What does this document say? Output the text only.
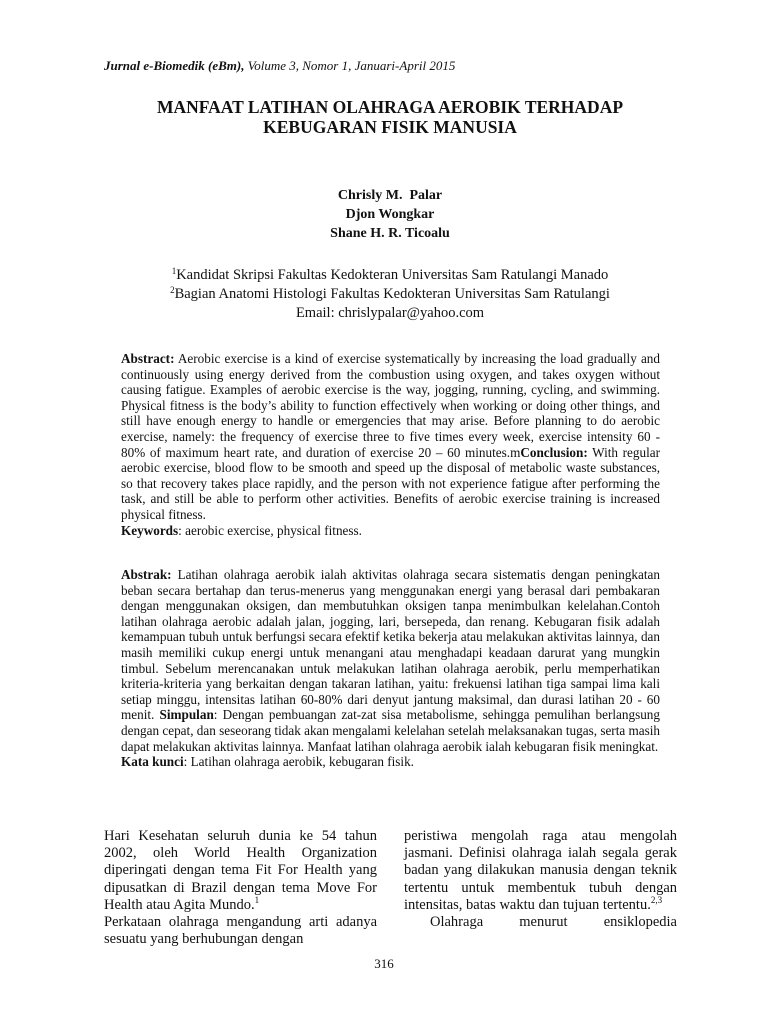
Jurnal e-Biomedik (eBm), Volume 3, Nomor 1, Januari-April 2015
MANFAAT LATIHAN OLAHRAGA AEROBIK TERHADAP
KEBUGARAN FISIK MANUSIA
Chrisly M.  Palar
Djon Wongkar
Shane H. R. Ticoalu
$^1$Kandidat Skripsi Fakultas Kedokteran Universitas Sam Ratulangi Manado
$^2$Bagian Anatomi Histologi Fakultas Kedokteran Universitas Sam Ratulangi
Email: chrislypalar@yahoo.com
Abstract: Aerobic exercise is a kind of exercise systematically by increasing the load gradually and continuously using energy derived from the combustion using oxygen, and takes oxygen without causing fatigue. Examples of aerobic exercise is the way, jogging, running, cycling, and swimming. Physical fitness is the body’s ability to function effectively when working or doing other things, and still have enough energy to handle or emergencies that may arise. Before planning to do aerobic exercise, namely: the frequency of exercise three to five times every week, exercise intensity 60 - 80% of maximum heart rate, and duration of exercise 20 – 60 minutes.mConclusion: With regular aerobic exercise, blood flow to be smooth and speed up the disposal of metabolic waste substances, so that recovery takes place rapidly, and the person with not experience fatigue after performing the task, and still be able to perform other activities. Benefits of aerobic exercise training is increased physical fitness.
Keywords: aerobic exercise, physical fitness.
Abstrak: Latihan olahraga aerobik ialah aktivitas olahraga secara sistematis dengan peningkatan beban secara bertahap dan terus-menerus yang menggunakan energi yang berasal dari pembakaran dengan menggunakan oksigen, dan membutuhkan oksigen tanpa menimbulkan kelelahan.Contoh latihan olahraga aerobic adalah jalan, jogging, lari, bersepeda, dan renang. Kebugaran fisik adalah kemampuan tubuh untuk berfungsi secara efektif ketika bekerja atau melakukan aktivitas lainnya, dan masih memiliki cukup energi untuk menangani atau menghadapi keadaan darurat yang mungkin timbul. Sebelum merencanakan untuk melakukan latihan olahraga aerobik, perlu memperhatikan kriteria-kriteria yang berkaitan dengan takaran latihan, yaitu: frekuensi latihan tiga sampai lima kali setiap minggu, intensitas latihan 60-80% dari denyut jantung maksimal, dan durasi latihan 20 - 60 menit. Simpulan: Dengan pembuangan zat-zat sisa metabolisme, sehingga pemulihan berlangsung dengan cepat, dan seseorang tidak akan mengalami kelelahan setelah melaksanakan tugas, serta masih dapat melakukan aktivitas lainnya. Manfaat latihan olahraga aerobik ialah kebugaran fisik meningkat.
Kata kunci: Latihan olahraga aerobik, kebugaran fisik.
Hari Kesehatan seluruh dunia ke 54 tahun 2002, oleh World Health Organization diperingati dengan tema Fit For Health yang dipusatkan di Brazil dengan tema Move For Health atau Agita Mundo.$^1$
Perkataan olahraga mengandung arti adanya sesuatu yang berhubungan dengan
peristiwa mengolah raga atau mengolah jasmani. Definisi olahraga ialah segala gerak badan yang dilakukan manusia dengan teknik tertentu untuk membentuk tubuh dengan intensitas, batas waktu dan tujuan tertentu.$^{2,3}$
Olahraga menurut ensiklopedia
316
